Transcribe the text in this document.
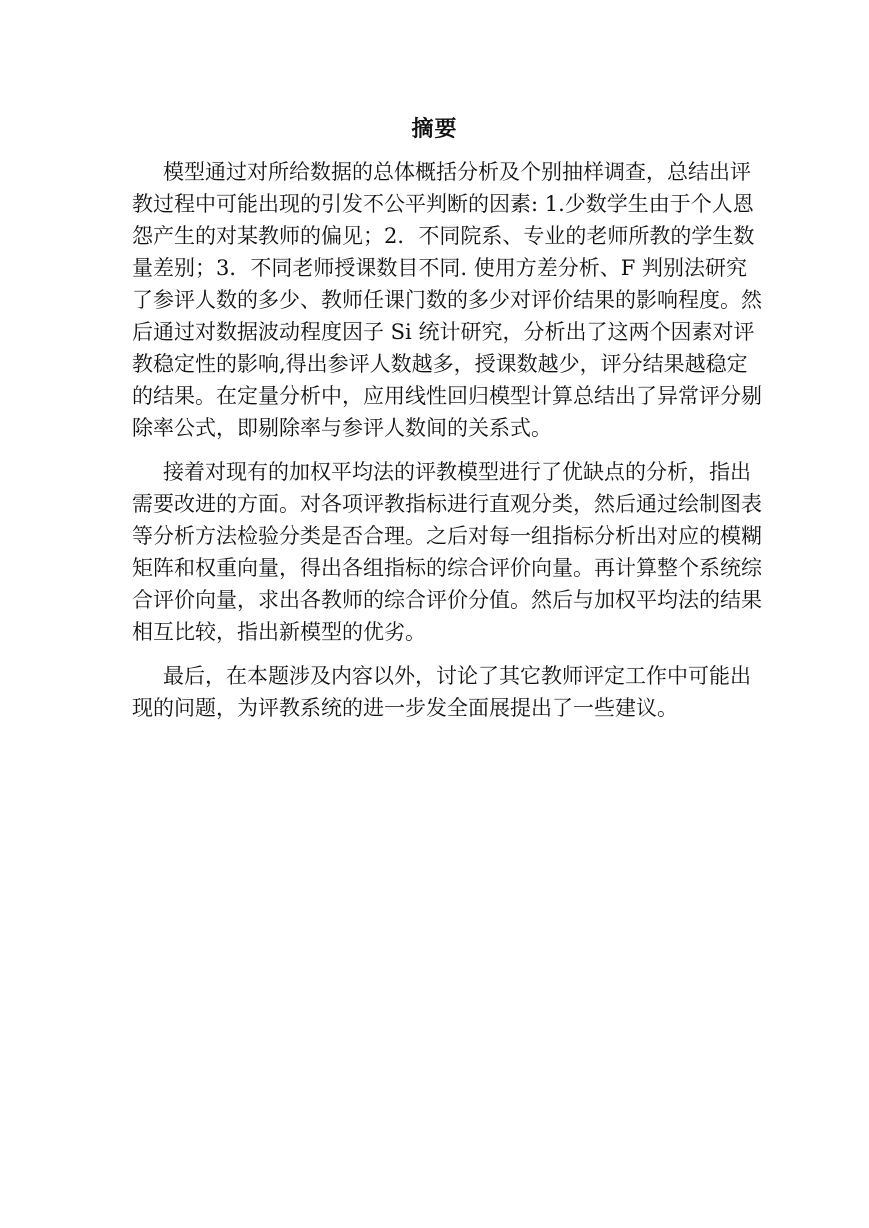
摘要
模型通过对所给数据的总体概括分析及个别抽样调查，总结出评
教过程中可能出现的引发不公平判断的因素: 1.少数学生由于个人恩
怨产生的对某教师的偏见；2．不同院系、专业的老师所教的学生数
量差别；3．不同老师授课数目不同. 使用方差分析、F 判别法研究
了参评人数的多少、教师任课门数的多少对评价结果的影响程度。然
后通过对数据波动程度因子 Si 统计研究，分析出了这两个因素对评
教稳定性的影响,得出参评人数越多，授课数越少，评分结果越稳定
的结果。在定量分析中，应用线性回归模型计算总结出了异常评分剔
除率公式，即剔除率与参评人数间的关系式。
接着对现有的加权平均法的评教模型进行了优缺点的分析，指出
需要改进的方面。对各项评教指标进行直观分类，然后通过绘制图表
等分析方法检验分类是否合理。之后对每一组指标分析出对应的模糊
矩阵和权重向量，得出各组指标的综合评价向量。再计算整个系统综
合评价向量，求出各教师的综合评价分值。然后与加权平均法的结果
相互比较，指出新模型的优劣。
最后，在本题涉及内容以外，讨论了其它教师评定工作中可能出
现的问题，为评教系统的进一步发全面展提出了一些建议。
